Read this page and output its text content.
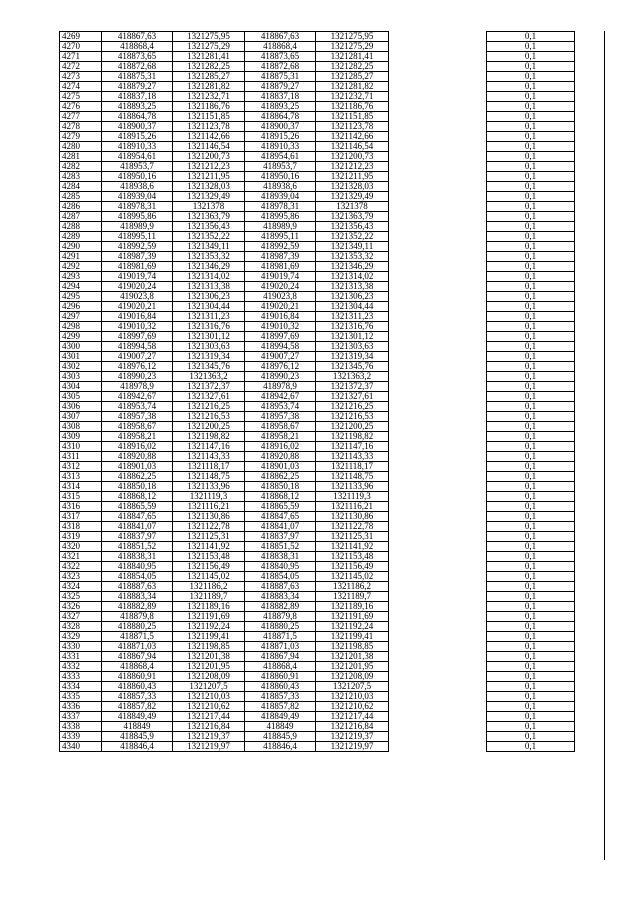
4269	418867,63	1321275,95	418867,63	1321275,95		0,1
4270	418868,4	1321275,29	418868,4	1321275,29		0,1
4271	418873,65	1321281,41	418873,65	1321281,41		0,1
4272	418872,68	1321282,25	418872,68	1321282,25		0,1
4273	418875,31	1321285,27	418875,31	1321285,27		0,1
4274	418879,27	1321281,82	418879,27	1321281,82		0,1
4275	418837,18	1321232,71	418837,18	1321232,71		0,1
4276	418893,25	1321186,76	418893,25	1321186,76		0,1
4277	418864,78	1321151,85	418864,78	1321151,85		0,1
4278	418900,37	1321123,78	418900,37	1321123,78		0,1
4279	418915,26	1321142,66	418915,26	1321142,66		0,1
4280	418910,33	1321146,54	418910,33	1321146,54		0,1
4281	418954,61	1321200,73	418954,61	1321200,73		0,1
4282	418953,7	1321212,23	418953,7	1321212,23		0,1
4283	418950,16	1321211,95	418950,16	1321211,95		0,1
4284	418938,6	1321328,03	418938,6	1321328,03		0,1
4285	418939,04	1321329,49	418939,04	1321329,49		0,1
4286	418978,31	1321378	418978,31	1321378		0,1
4287	418995,86	1321363,79	418995,86	1321363,79		0,1
4288	418989,9	1321356,43	418989,9	1321356,43		0,1
4289	418995,11	1321352,22	418995,11	1321352,22		0,1
4290	418992,59	1321349,11	418992,59	1321349,11		0,1
4291	418987,39	1321353,32	418987,39	1321353,32		0,1
4292	418981,69	1321346,29	418981,69	1321346,29		0,1
4293	419019,74	1321314,02	419019,74	1321314,02		0,1
4294	419020,24	1321313,38	419020,24	1321313,38		0,1
4295	419023,8	1321306,23	419023,8	1321306,23		0,1
4296	419020,21	1321304,44	419020,21	1321304,44		0,1
4297	419016,84	1321311,23	419016,84	1321311,23		0,1
4298	419010,32	1321316,76	419010,32	1321316,76		0,1
4299	418997,69	1321301,12	418997,69	1321301,12		0,1
4300	418994,58	1321303,63	418994,58	1321303,63		0,1
4301	419007,27	1321319,34	419007,27	1321319,34		0,1
4302	418976,12	1321345,76	418976,12	1321345,76		0,1
4303	418990,23	1321363,2	418990,23	1321363,2		0,1
4304	418978,9	1321372,37	418978,9	1321372,37		0,1
4305	418942,67	1321327,61	418942,67	1321327,61		0,1
4306	418953,74	1321216,25	418953,74	1321216,25		0,1
4307	418957,38	1321216,53	418957,38	1321216,53		0,1
4308	418958,67	1321200,25	418958,67	1321200,25		0,1
4309	418958,21	1321198,82	418958,21	1321198,82		0,1
4310	418916,02	1321147,16	418916,02	1321147,16		0,1
4311	418920,88	1321143,33	418920,88	1321143,33		0,1
4312	418901,03	1321118,17	418901,03	1321118,17		0,1
4313	418862,25	1321148,75	418862,25	1321148,75		0,1
4314	418850,18	1321133,96	418850,18	1321133,96		0,1
4315	418868,12	1321119,3	418868,12	1321119,3		0,1
4316	418865,59	1321116,21	418865,59	1321116,21		0,1
4317	418847,65	1321130,86	418847,65	1321130,86		0,1
4318	418841,07	1321122,78	418841,07	1321122,78		0,1
4319	418837,97	1321125,31	418837,97	1321125,31		0,1
4320	418851,52	1321141,92	418851,52	1321141,92		0,1
4321	418838,31	1321153,48	418838,31	1321153,48		0,1
4322	418840,95	1321156,49	418840,95	1321156,49		0,1
4323	418854,05	1321145,02	418854,05	1321145,02		0,1
4324	418887,63	1321186,2	418887,63	1321186,2		0,1
4325	418883,34	1321189,7	418883,34	1321189,7		0,1
4326	418882,89	1321189,16	418882,89	1321189,16		0,1
4327	418879,8	1321191,69	418879,8	1321191,69		0,1
4328	418880,25	1321192,24	418880,25	1321192,24		0,1
4329	418871,5	1321199,41	418871,5	1321199,41		0,1
4330	418871,03	1321198,85	418871,03	1321198,85		0,1
4331	418867,94	1321201,38	418867,94	1321201,38		0,1
4332	418868,4	1321201,95	418868,4	1321201,95		0,1
4333	418860,91	1321208,09	418860,91	1321208,09		0,1
4334	418860,43	1321207,5	418860,43	1321207,5		0,1
4335	418857,33	1321210,03	418857,33	1321210,03		0,1
4336	418857,82	1321210,62	418857,82	1321210,62		0,1
4337	418849,49	1321217,44	418849,49	1321217,44		0,1
4338	418849	1321216,84	418849	1321216,84		0,1
4339	418845,9	1321219,37	418845,9	1321219,37		0,1
4340	418846,4	1321219,97	418846,4	1321219,97		0,1
